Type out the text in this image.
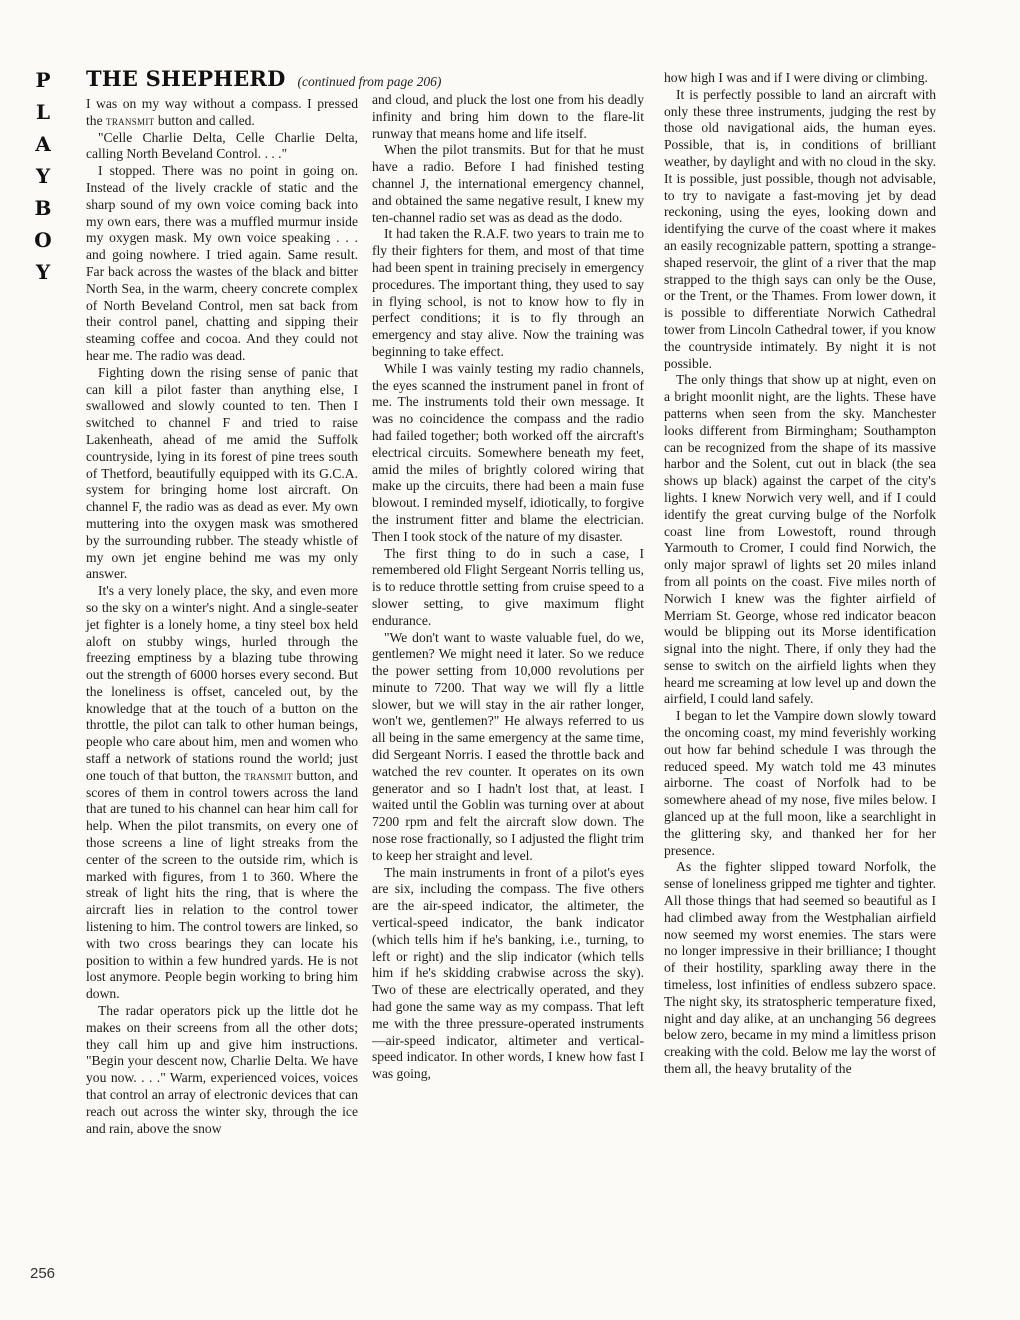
P
L
A
Y
B
O
Y
THE SHEPHERD (continued from page 206)

I was on my way without a compass. I pressed the transmit button and called.

"Celle Charlie Delta, Celle Charlie Delta, calling North Beveland Control. . . ."

I stopped. There was no point in going on. Instead of the lively crackle of static and the sharp sound of my own voice coming back into my own ears, there was a muffled murmur inside my oxygen mask. My own voice speaking . . . and going nowhere. I tried again. Same result. Far back across the wastes of the black and bitter North Sea, in the warm, cheery concrete complex of North Beveland Control, men sat back from their control panel, chatting and sipping their steaming coffee and cocoa. And they could not hear me. The radio was dead.

Fighting down the rising sense of panic that can kill a pilot faster than anything else, I swallowed and slowly counted to ten. Then I switched to channel F and tried to raise Lakenheath, ahead of me amid the Suffolk countryside, lying in its forest of pine trees south of Thetford, beautifully equipped with its G.C.A. system for bringing home lost aircraft. On channel F, the radio was as dead as ever. My own muttering into the oxygen mask was smothered by the surrounding rubber. The steady whistle of my own jet engine behind me was my only answer.

It's a very lonely place, the sky, and even more so the sky on a winter's night. And a single-seater jet fighter is a lonely home, a tiny steel box held aloft on stubby wings, hurled through the freezing emptiness by a blazing tube throwing out the strength of 6000 horses every second. But the loneliness is offset, canceled out, by the knowledge that at the touch of a button on the throttle, the pilot can talk to other human beings, people who care about him, men and women who staff a network of stations round the world; just one touch of that button, the transmit button, and scores of them in control towers across the land that are tuned to his channel can hear him call for help. When the pilot transmits, on every one of those screens a line of light streaks from the center of the screen to the outside rim, which is marked with figures, from 1 to 360. Where the streak of light hits the ring, that is where the aircraft lies in relation to the control tower listening to him. The control towers are linked, so with two cross bearings they can locate his position to within a few hundred yards. He is not lost anymore. People begin working to bring him down.

The radar operators pick up the little dot he makes on their screens from all the other dots; they call him up and give him instructions. "Begin your descent now, Charlie Delta. We have you now. . . ." Warm, experienced voices, voices that control an array of electronic devices that can reach out across the winter sky, through the ice and rain, above the snow

and cloud, and pluck the lost one from his deadly infinity and bring him down to the flare-lit runway that means home and life itself.

When the pilot transmits. But for that he must have a radio. Before I had finished testing channel J, the international emergency channel, and obtained the same negative result, I knew my ten-channel radio set was as dead as the dodo.

It had taken the R.A.F. two years to train me to fly their fighters for them, and most of that time had been spent in training precisely in emergency procedures. The important thing, they used to say in flying school, is not to know how to fly in perfect conditions; it is to fly through an emergency and stay alive. Now the training was beginning to take effect.

While I was vainly testing my radio channels, the eyes scanned the instrument panel in front of me. The instruments told their own message. It was no coincidence the compass and the radio had failed together; both worked off the aircraft's electrical circuits. Somewhere beneath my feet, amid the miles of brightly colored wiring that make up the circuits, there had been a main fuse blowout. I reminded myself, idiotically, to forgive the instrument fitter and blame the electrician. Then I took stock of the nature of my disaster.

The first thing to do in such a case, I remembered old Flight Sergeant Norris telling us, is to reduce throttle setting from cruise speed to a slower setting, to give maximum flight endurance.

"We don't want to waste valuable fuel, do we, gentlemen? We might need it later. So we reduce the power setting from 10,000 revolutions per minute to 7200. That way we will fly a little slower, but we will stay in the air rather longer, won't we, gentlemen?" He always referred to us all being in the same emergency at the same time, did Sergeant Norris. I eased the throttle back and watched the rev counter. It operates on its own generator and so I hadn't lost that, at least. I waited until the Goblin was turning over at about 7200 rpm and felt the aircraft slow down. The nose rose fractionally, so I adjusted the flight trim to keep her straight and level.

The main instruments in front of a pilot's eyes are six, including the compass. The five others are the air-speed indicator, the altimeter, the vertical-speed indicator, the bank indicator (which tells him if he's banking, i.e., turning, to left or right) and the slip indicator (which tells him if he's skidding crabwise across the sky). Two of these are electrically operated, and they had gone the same way as my compass. That left me with the three pressure-operated instruments—air-speed indicator, altimeter and vertical-speed indicator. In other words, I knew how fast I was going,

how high I was and if I were diving or climbing.

It is perfectly possible to land an aircraft with only these three instruments, judging the rest by those old navigational aids, the human eyes. Possible, that is, in conditions of brilliant weather, by daylight and with no cloud in the sky. It is possible, just possible, though not advisable, to try to navigate a fast-moving jet by dead reckoning, using the eyes, looking down and identifying the curve of the coast where it makes an easily recognizable pattern, spotting a strange-shaped reservoir, the glint of a river that the map strapped to the thigh says can only be the Ouse, or the Trent, or the Thames. From lower down, it is possible to differentiate Norwich Cathedral tower from Lincoln Cathedral tower, if you know the countryside intimately. By night it is not possible.

The only things that show up at night, even on a bright moonlit night, are the lights. These have patterns when seen from the sky. Manchester looks different from Birmingham; Southampton can be recognized from the shape of its massive harbor and the Solent, cut out in black (the sea shows up black) against the carpet of the city's lights. I knew Norwich very well, and if I could identify the great curving bulge of the Norfolk coast line from Lowestoft, round through Yarmouth to Cromer, I could find Norwich, the only major sprawl of lights set 20 miles inland from all points on the coast. Five miles north of Norwich I knew was the fighter airfield of Merriam St. George, whose red indicator beacon would be blipping out its Morse identification signal into the night. There, if only they had the sense to switch on the airfield lights when they heard me screaming at low level up and down the airfield, I could land safely.

I began to let the Vampire down slowly toward the oncoming coast, my mind feverishly working out how far behind schedule I was through the reduced speed. My watch told me 43 minutes airborne. The coast of Norfolk had to be somewhere ahead of my nose, five miles below. I glanced up at the full moon, like a searchlight in the glittering sky, and thanked her for her presence.

As the fighter slipped toward Norfolk, the sense of loneliness gripped me tighter and tighter. All those things that had seemed so beautiful as I had climbed away from the Westphalian airfield now seemed my worst enemies. The stars were no longer impressive in their brilliance; I thought of their hostility, sparkling away there in the timeless, lost infinities of endless subzero space. The night sky, its stratospheric temperature fixed, night and day alike, at an unchanging 56 degrees below zero, became in my mind a limitless prison creaking with the cold. Below me lay the worst of them all, the heavy brutality of the

256
